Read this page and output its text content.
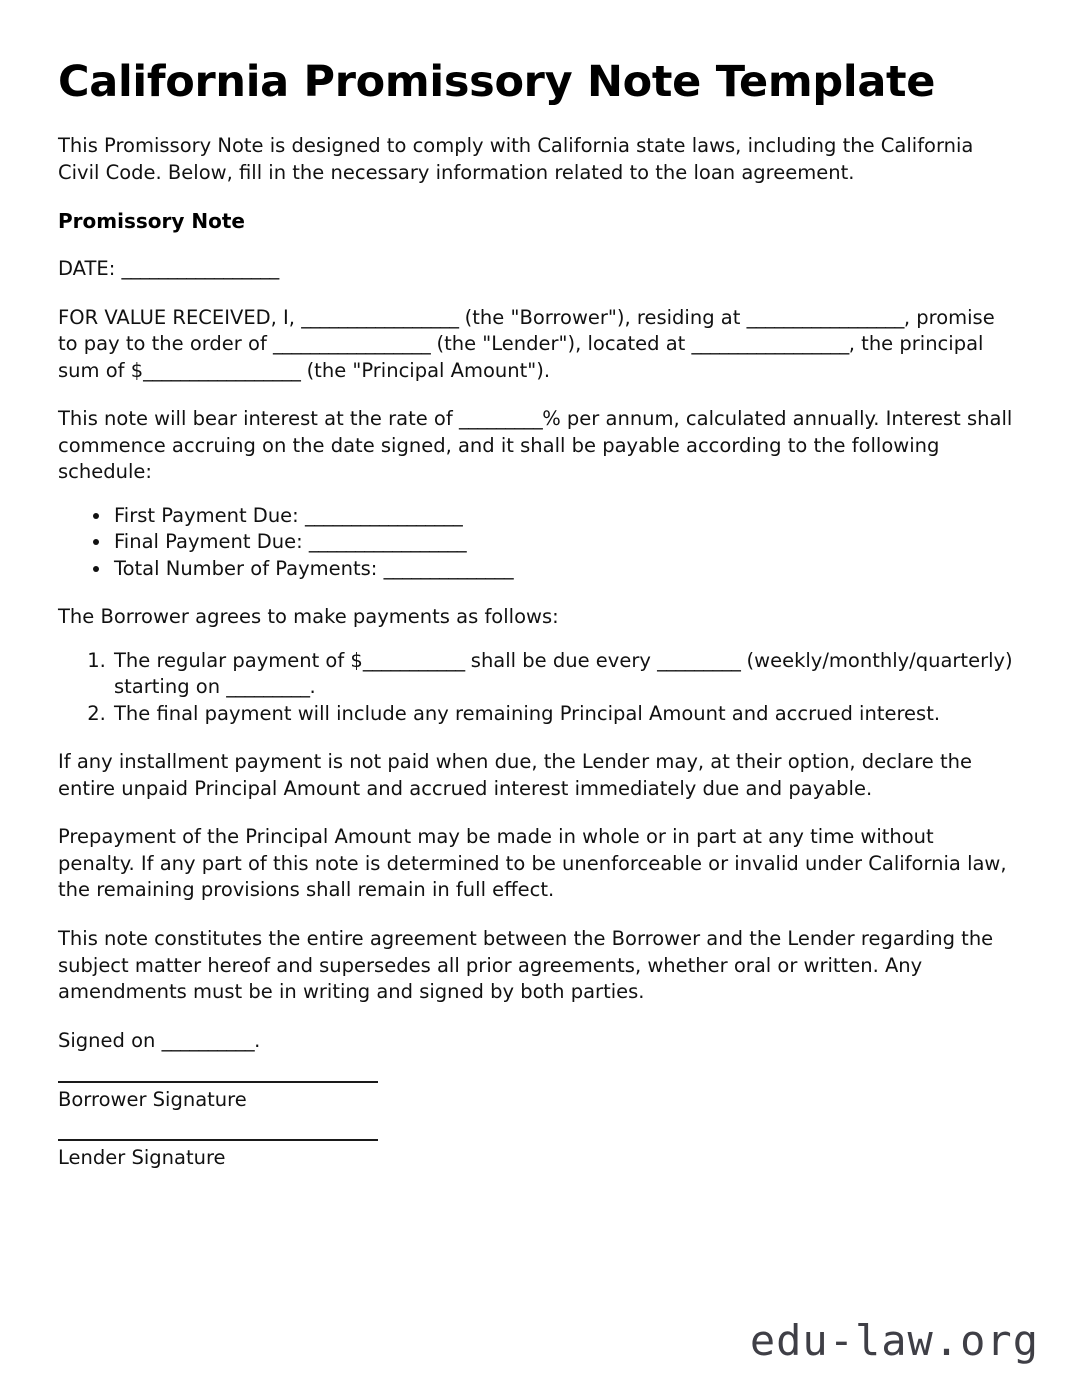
California Promissory Note Template

This Promissory Note is designed to comply with California state laws, including the California Civil Code. Below, fill in the necessary information related to the loan agreement.

Promissory Note

DATE: _________________

FOR VALUE RECEIVED, I, _________________ (the "Borrower"), residing at _________________, promise to pay to the order of _________________ (the "Lender"), located at _________________, the principal sum of $_________________ (the "Principal Amount").

This note will bear interest at the rate of _________% per annum, calculated annually. Interest shall commence accruing on the date signed, and it shall be payable according to the following schedule:

• First Payment Due: _________________
• Final Payment Due: _________________
• Total Number of Payments: ______________

The Borrower agrees to make payments as follows:

1. The regular payment of $___________ shall be due every _________ (weekly/monthly/quarterly) starting on _________.
2. The final payment will include any remaining Principal Amount and accrued interest.

If any installment payment is not paid when due, the Lender may, at their option, declare the entire unpaid Principal Amount and accrued interest immediately due and payable.

Prepayment of the Principal Amount may be made in whole or in part at any time without penalty. If any part of this note is determined to be unenforceable or invalid under California law, the remaining provisions shall remain in full effect.

This note constitutes the entire agreement between the Borrower and the Lender regarding the subject matter hereof and supersedes all prior agreements, whether oral or written. Any amendments must be in writing and signed by both parties.

Signed on __________.

Borrower Signature
Lender Signature
edu-law.org
